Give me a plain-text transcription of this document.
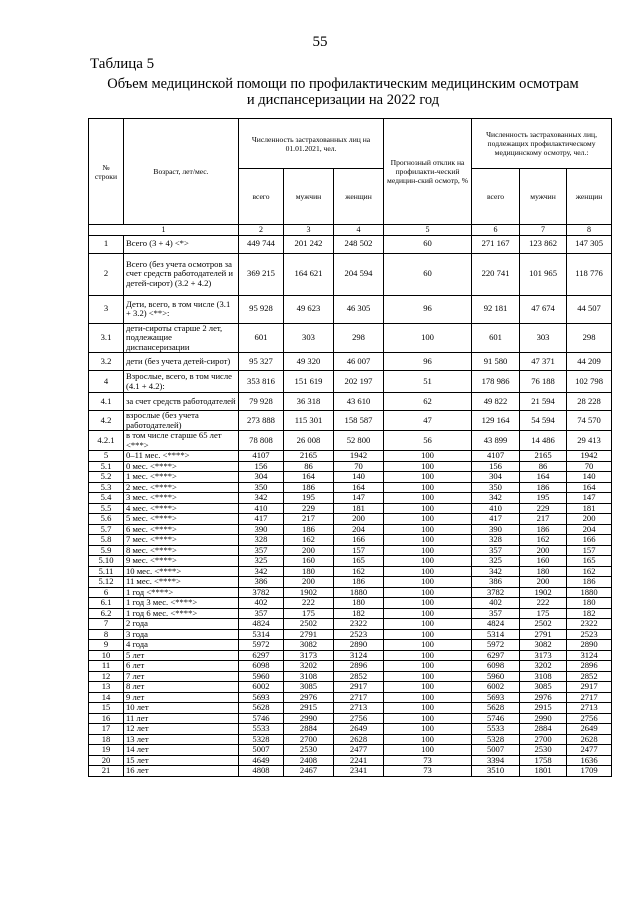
55
Таблица 5
Объем медицинской помощи по профилактическим медицинским осмотрам
и диспансеризации на 2022 год
№ строки	Возраст, лет/мес.	Численность застрахованных лиц на 01.01.2021, чел.			Прогнозный отклик на профилакти-ческий медицин-ский осмотр, %	Численность застрахованных лиц, подлежащих профилактическому медицинскому осмотру, чел.:		
		всего	мужчин	женщин		всего	мужчин	женщин
1		2	3	4	5	6	7	8
1	Всего (3 + 4) <*>	449 744	201 242	248 502	60	271 167	123 862	147 305
2	Всего (без учета осмотров за счет средств работодателей и детей-сирот) (3.2 + 4.2)	369 215	164 621	204 594	60	220 741	101 965	118 776
3	Дети, всего, в том числе (3.1 + 3.2) <**>:	95 928	49 623	46 305	96	92 181	47 674	44 507
3.1	дети-сироты старше 2 лет, подлежащие диспансеризации	601	303	298	100	601	303	298
3.2	дети (без учета детей-сирот)	95 327	49 320	46 007	96	91 580	47 371	44 209
4	Взрослые, всего, в том числе (4.1 + 4.2):	353 816	151 619	202 197	51	178 986	76 188	102 798
4.1	за счет средств работодателей	79 928	36 318	43 610	62	49 822	21 594	28 228
4.2	взрослые (без учета работодателей)	273 888	115 301	158 587	47	129 164	54 594	74 570
4.2.1	в том числе старше 65 лет <***>	78 808	26 008	52 800	56	43 899	14 486	29 413
5	0–11 мес. <****>	4107	2165	1942	100	4107	2165	1942
5.1	0 мес. <****>	156	86	70	100	156	86	70
5.2	1 мес. <****>	304	164	140	100	304	164	140
5.3	2 мес. <****>	350	186	164	100	350	186	164
5.4	3 мес. <****>	342	195	147	100	342	195	147
5.5	4 мес. <****>	410	229	181	100	410	229	181
5.6	5 мес. <****>	417	217	200	100	417	217	200
5.7	6 мес. <****>	390	186	204	100	390	186	204
5.8	7 мес. <****>	328	162	166	100	328	162	166
5.9	8 мес. <****>	357	200	157	100	357	200	157
5.10	9 мес. <****>	325	160	165	100	325	160	165
5.11	10 мес. <****>	342	180	162	100	342	180	162
5.12	11 мес. <****>	386	200	186	100	386	200	186
6	1 год <****>	3782	1902	1880	100	3782	1902	1880
6.1	1 год 3 мес. <****>	402	222	180	100	402	222	180
6.2	1 год 6 мес. <****>	357	175	182	100	357	175	182
7	2 года	4824	2502	2322	100	4824	2502	2322
8	3 года	5314	2791	2523	100	5314	2791	2523
9	4 года	5972	3082	2890	100	5972	3082	2890
10	5 лет	6297	3173	3124	100	6297	3173	3124
11	6 лет	6098	3202	2896	100	6098	3202	2896
12	7 лет	5960	3108	2852	100	5960	3108	2852
13	8 лет	6002	3085	2917	100	6002	3085	2917
14	9 лет	5693	2976	2717	100	5693	2976	2717
15	10 лет	5628	2915	2713	100	5628	2915	2713
16	11 лет	5746	2990	2756	100	5746	2990	2756
17	12 лет	5533	2884	2649	100	5533	2884	2649
18	13 лет	5328	2700	2628	100	5328	2700	2628
19	14 лет	5007	2530	2477	100	5007	2530	2477
20	15 лет	4649	2408	2241	73	3394	1758	1636
21	16 лет	4808	2467	2341	73	3510	1801	1709
